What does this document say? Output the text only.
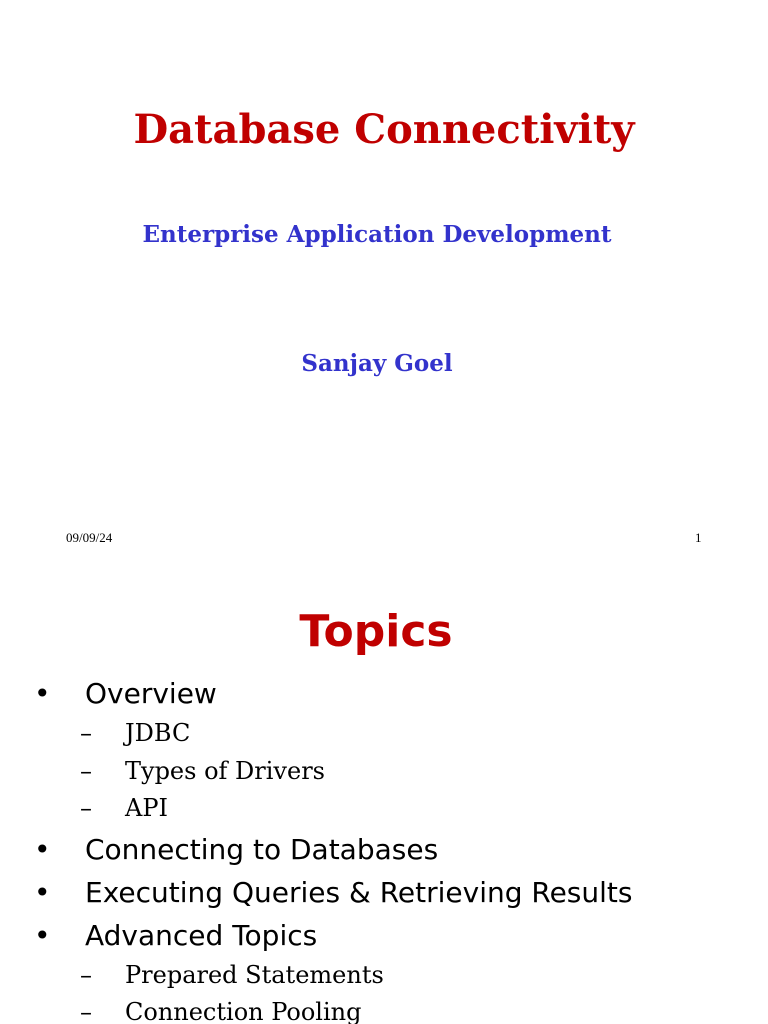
Database Connectivity
Enterprise Application Development
Sanjay Goel
09/09/24	1
Topics
• Overview
– JDBC
– Types of Drivers
– API
• Connecting to Databases
• Executing Queries & Retrieving Results
• Advanced Topics
– Prepared Statements
– Connection Pooling
